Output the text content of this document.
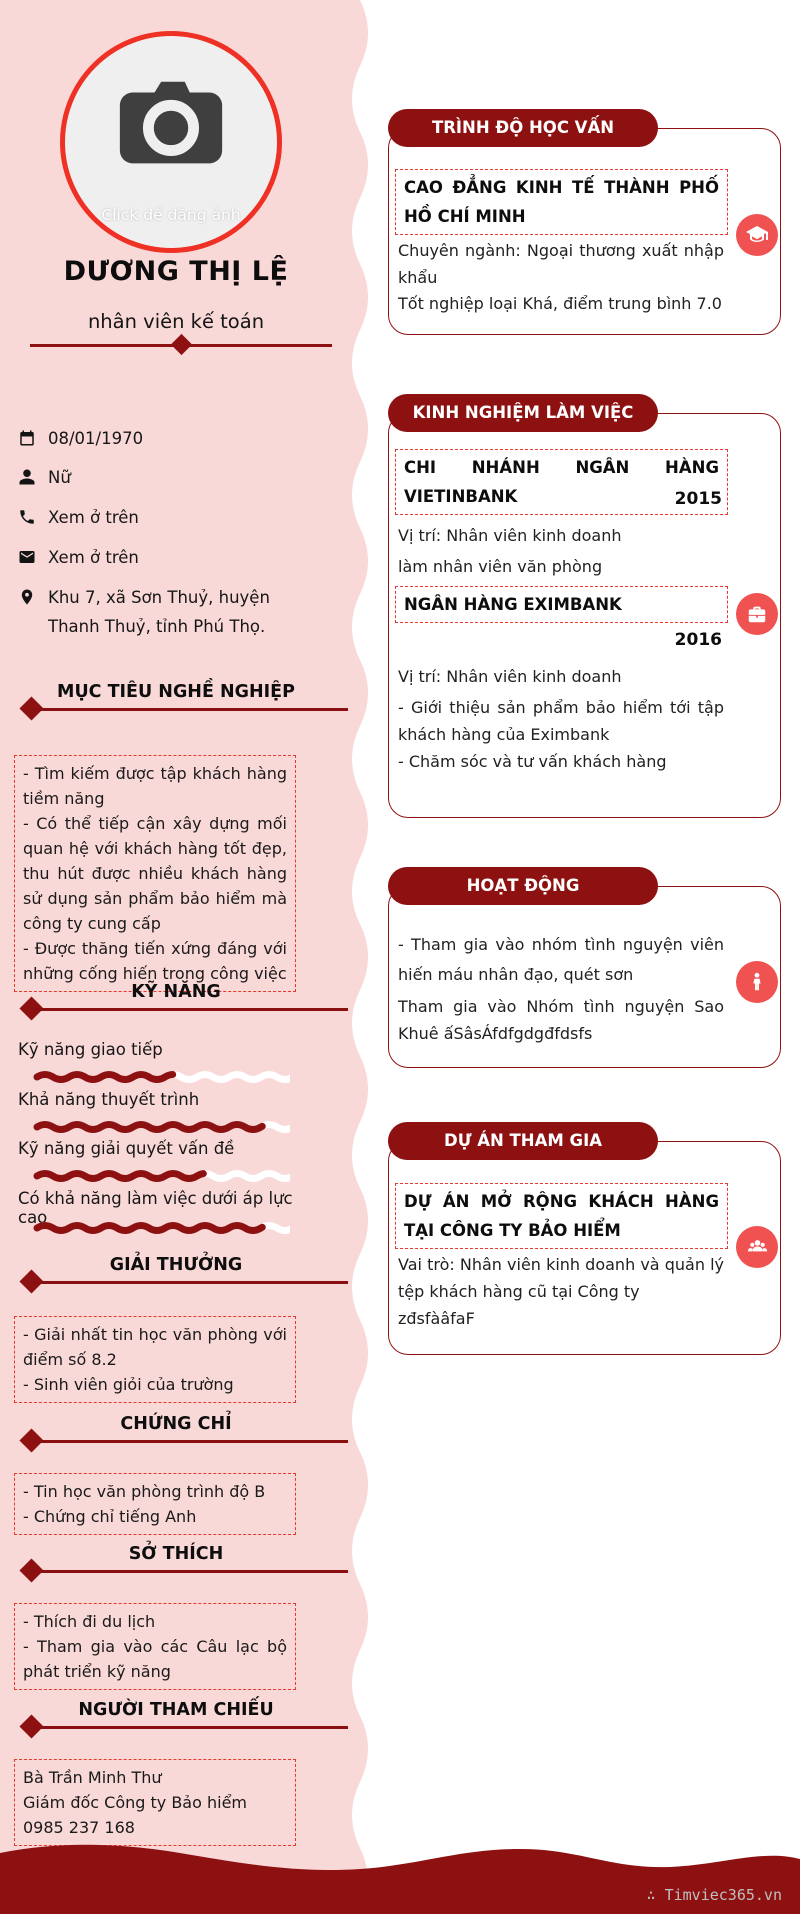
Click để đăng ảnh
DƯƠNG THỊ LỆ
nhân viên kế toán
08/01/1970
Nữ
Xem ở trên
Xem ở trên
Khu 7, xã Sơn Thuỷ, huyện Thanh Thuỷ, tỉnh Phú Thọ.
MỤC TIÊU NGHỀ NGHIỆP

- Tìm kiếm được tập khách hàng tiềm năng

- Có thể tiếp cận xây dựng mối quan hệ với khách hàng tốt đẹp, thu hút được nhiều khách hàng sử dụng sản phẩm bảo hiểm mà công ty cung cấp

- Được thăng tiến xứng đáng với những cống hiến trong công việc

KỸ NĂNG
Kỹ năng giao tiếp
Khả năng thuyết trình
Kỹ năng giải quyết vấn đề
Có khả năng làm việc dưới áp lực cao
GIẢI THƯỞNG

- Giải nhất tin học văn phòng với điểm số 8.2

- Sinh viên giỏi của trường

CHỨNG CHỈ

- Tin học văn phòng trình độ B

- Chứng chỉ tiếng Anh

SỞ THÍCH

- Thích đi du lịch

- Tham gia vào các Câu lạc bộ phát triển kỹ năng

NGƯỜI THAM CHIẾU

Bà Trần Minh Thư

Giám đốc Công ty Bảo hiểm

0985 237 168

CAO ĐẲNG KINH TẾ THÀNH PHỐ HỒ CHÍ MINH
Chuyên ngành: Ngoại thương xuất nhập khẩu
Tốt nghiệp loại Khá, điểm trung bình 7.0
TRÌNH ĐỘ HỌC VẤN
CHI NHÁNH NGÂN HÀNG VIETINBANK	2015
Vị trí: Nhân viên kinh doanh
làm nhân viên văn phòng
NGÂN HÀNG EXIMBANK
2016
Vị trí: Nhân viên kinh doanh

- Giới thiệu sản phẩm bảo hiểm tới tập khách hàng của Eximbank

- Chăm sóc và tư vấn khách hàng

KINH NGHIỆM LÀM VIỆC
- Tham gia vào nhóm tình nguyện viên hiến máu nhân đạo, quét sơn
Tham gia vào Nhóm tình nguyện Sao Khuê ấSâsÁfdfgdgđfdsfs
HOẠT ĐỘNG
DỰ ÁN MỞ RỘNG KHÁCH HÀNG TẠI CÔNG TY BẢO HIỂM
Vai trò: Nhân viên kinh doanh và quản lý tệp khách hàng cũ tại Công ty
zđsfàâfaF
DỰ ÁN THAM GIA
∴ Timviec365.vn
